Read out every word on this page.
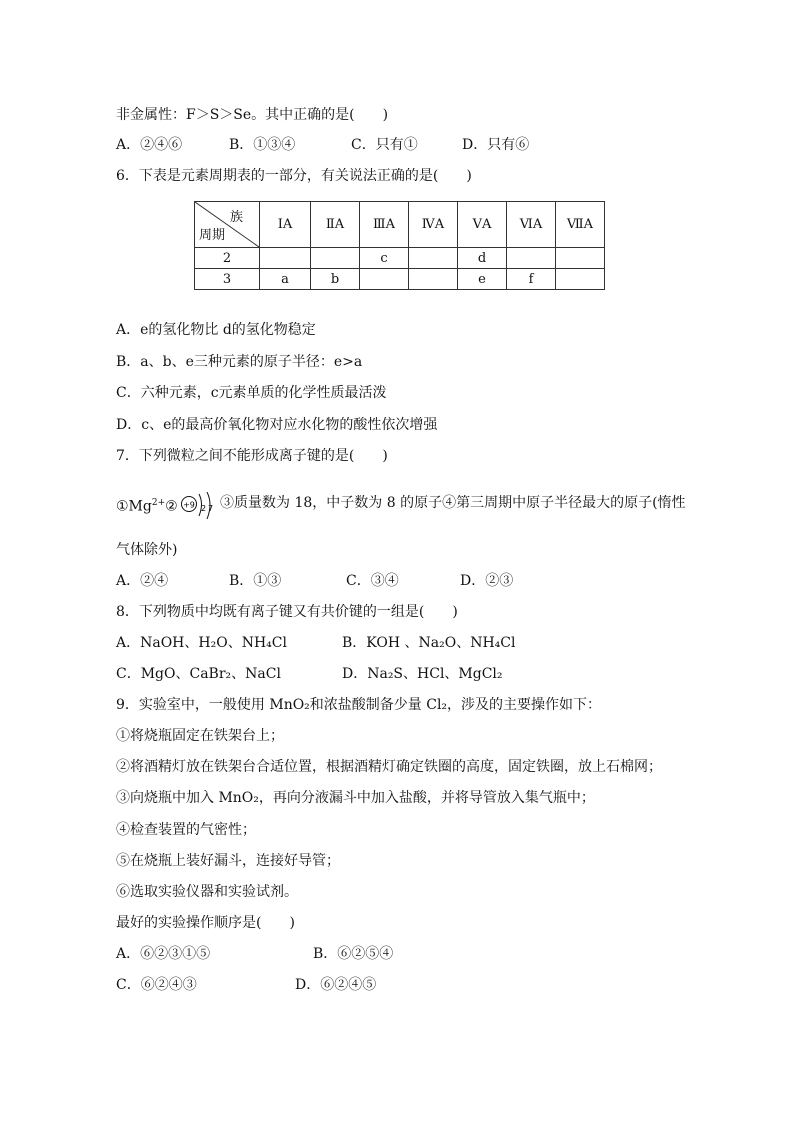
非金属性：F＞S＞Se。其中正确的是(　　)
A．②④⑥	B．①③④	C．只有①	D．只有⑥
6．下表是元素周期表的一部分，有关说法正确的是(　　)
族
周期	ⅠA	ⅡA	ⅢA	ⅣA	ⅤA	ⅥA	ⅦA
2			c		d		
3	a	b			e	f	
A．e的氢化物比 d的氢化物稳定
B．a、b、e三种元素的原子半径：e>a
C．六种元素，c元素单质的化学性质最活泼
D．c、e的最高价氧化物对应水化物的酸性依次增强
7．下列微粒之间不能形成离子键的是(　　)
$①Mg^{2+}② +9$ 2 7 ③质量数为 18，中子数为 8 的原子④第三周期中原子半径最大的原子(惰性
气体除外)
A．②④	B．①③	C．③④	D．②③
8．下列物质中均既有离子键又有共价键的一组是(　　)
A．NaOH、H₂O、NH₄Cl	B．KOH 、Na₂O、NH₄Cl
C．MgO、CaBr₂、NaCl	D．Na₂S、HCl、MgCl₂
9．实验室中，一般使用 MnO₂和浓盐酸制备少量 Cl₂，涉及的主要操作如下：
①将烧瓶固定在铁架台上；
②将酒精灯放在铁架台合适位置，根据酒精灯确定铁圈的高度，固定铁圈，放上石棉网；
③向烧瓶中加入 MnO₂，再向分液漏斗中加入盐酸，并将导管放入集气瓶中；
④检查装置的气密性；
⑤在烧瓶上装好漏斗，连接好导管；
⑥选取实验仪器和实验试剂。
最好的实验操作顺序是(　　)
A．⑥②③①⑤	B．⑥②⑤④
C．⑥②④③	D．⑥②④⑤
